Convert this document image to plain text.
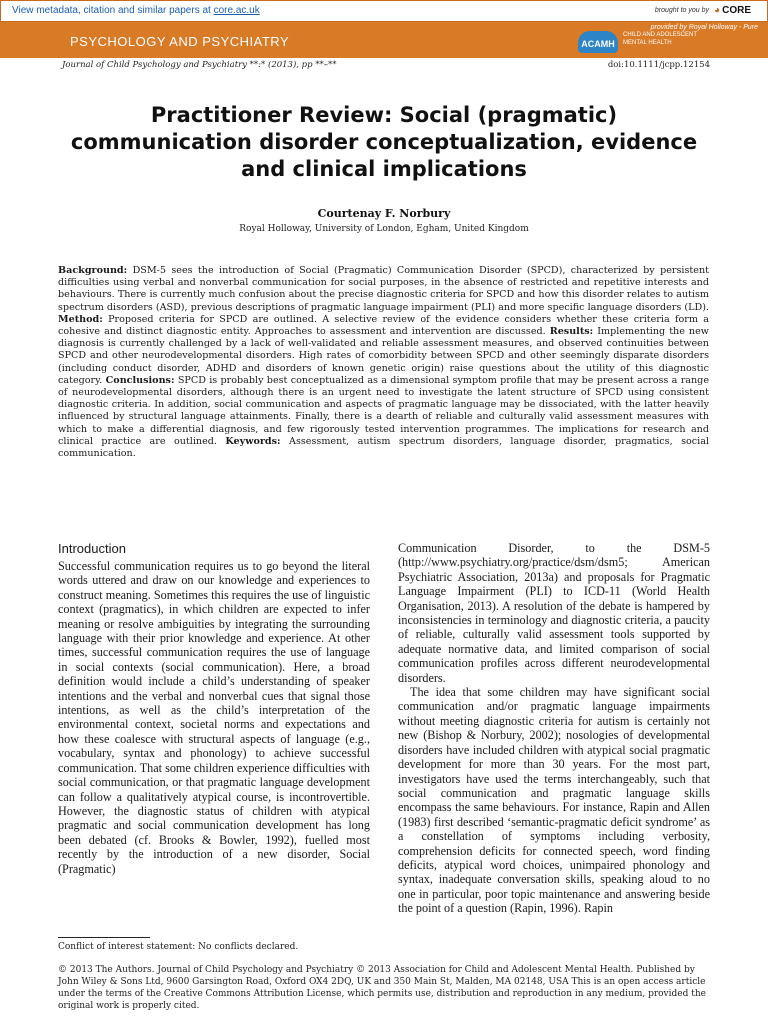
View metadata, citation and similar papers at core.ac.uk	brought to you by ◕ CORE
provided by Royal Holloway - Pure
PSYCHOLOGY AND PSYCHIATRY	ACAMH
CHILD AND ADOLESCENT MENTAL HEALTH
Journal of Child Psychology and Psychiatry **:* (2013), pp **–**	doi:10.1111/jcpp.12154
Practitioner Review: Social (pragmatic) communication disorder conceptualization, evidence and clinical implications
Courtenay F. Norbury
Royal Holloway, University of London, Egham, United Kingdom
Background: DSM-5 sees the introduction of Social (Pragmatic) Communication Disorder (SPCD), characterized by persistent difficulties using verbal and nonverbal communication for social purposes, in the absence of restricted and repetitive interests and behaviours. There is currently much confusion about the precise diagnostic criteria for SPCD and how this disorder relates to autism spectrum disorders (ASD), previous descriptions of pragmatic language impairment (PLI) and more specific language disorders (LD). Method: Proposed criteria for SPCD are outlined. A selective review of the evidence considers whether these criteria form a cohesive and distinct diagnostic entity. Approaches to assessment and intervention are discussed. Results: Implementing the new diagnosis is currently challenged by a lack of well-validated and reliable assessment measures, and observed continuities between SPCD and other neurodevelopmental disorders. High rates of comorbidity between SPCD and other seemingly disparate disorders (including conduct disorder, ADHD and disorders of known genetic origin) raise questions about the utility of this diagnostic category. Conclusions: SPCD is probably best conceptualized as a dimensional symptom profile that may be present across a range of neurodevelopmental disorders, although there is an urgent need to investigate the latent structure of SPCD using consistent diagnostic criteria. In addition, social communication and aspects of pragmatic language may be dissociated, with the latter heavily influenced by structural language attainments. Finally, there is a dearth of reliable and culturally valid assessment measures with which to make a differential diagnosis, and few rigorously tested intervention programmes. The implications for research and clinical practice are outlined. Keywords: Assessment, autism spectrum disorders, language disorder, pragmatics, social communication.
Introduction

Successful communication requires us to go beyond the literal words uttered and draw on our knowledge and experiences to construct meaning. Sometimes this requires the use of linguistic context (pragmatics), in which children are expected to infer meaning or resolve ambiguities by integrating the surrounding language with their prior knowledge and experience. At other times, successful communication requires the use of language in social contexts (social communication). Here, a broad definition would include a child’s understanding of speaker intentions and the verbal and nonverbal cues that signal those intentions, as well as the child’s interpretation of the environmental context, societal norms and expectations and how these coalesce with structural aspects of language (e.g., vocabulary, syntax and phonology) to achieve successful communication. That some children experience difficulties with social communication, or that pragmatic language development can follow a qualitatively atypical course, is incontrovertible. However, the diagnostic status of children with atypical pragmatic and social communication development has long been debated (cf. Brooks & Bowler, 1992), fuelled most recently by the introduction of a new disorder, Social (Pragmatic)

Communication Disorder, to the DSM-5 (http://www.psychiatry.org/practice/dsm/dsm5; American Psychiatric Association, 2013a) and proposals for Pragmatic Language Impairment (PLI) to ICD-11 (World Health Organisation, 2013). A resolution of the debate is hampered by inconsistencies in terminology and diagnostic criteria, a paucity of reliable, culturally valid assessment tools supported by adequate normative data, and limited comparison of social communication profiles across different neurodevelopmental disorders.

The idea that some children may have significant social communication and/or pragmatic language impairments without meeting diagnostic criteria for autism is certainly not new (Bishop & Norbury, 2002); nosologies of developmental disorders have included children with atypical social pragmatic development for more than 30 years. For the most part, investigators have used the terms interchangeably, such that social communication and pragmatic language skills encompass the same behaviours. For instance, Rapin and Allen (1983) first described ‘semantic-pragmatic deficit syndrome’ as a constellation of symptoms including verbosity, comprehension deficits for connected speech, word finding deficits, atypical word choices, unimpaired phonology and syntax, inadequate conversation skills, speaking aloud to no one in particular, poor topic maintenance and answering beside the point of a question (Rapin, 1996). Rapin

Conflict of interest statement: No conflicts declared.
© 2013 The Authors. Journal of Child Psychology and Psychiatry © 2013 Association for Child and Adolescent Mental Health. Published by John Wiley & Sons Ltd, 9600 Garsington Road, Oxford OX4 2DQ, UK and 350 Main St, Malden, MA 02148, USA This is an open access article under the terms of the Creative Commons Attribution License, which permits use, distribution and reproduction in any medium, provided the original work is properly cited.
